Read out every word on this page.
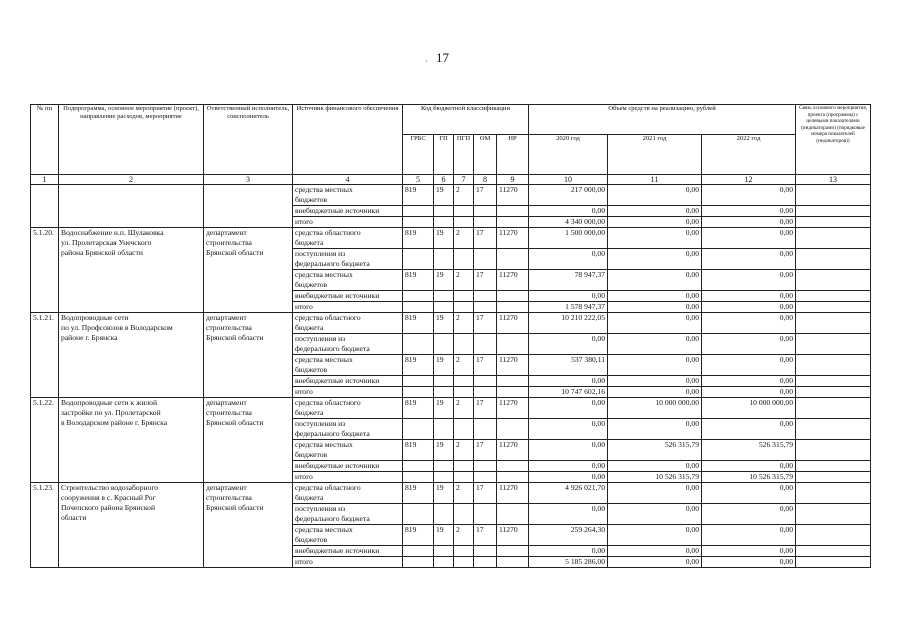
· 17
№ пп	Подпрограмма, основное мероприятие (проект), направление расходов, мероприятие	Ответственный исполнитель, соисполнитель	Источник финансового обеспечения	Код бюджетной классификации					Объем средств на реализацию, рублей			Связь основного мероприятия, проекта (программы) с целевыми показателями (индикаторами) (порядковые номера показателей (индикаторов))
				ГРБС	ГП	ПГП	ОМ	НР	2020 год	2021 год	2022 год	
1	2	3	4	5	6	7	8	9	10	11	12	13
			средства местных
бюджетов	819	19	2	17	11270	217 000,00	0,00	0,00	
			внебюджетные источники						0,00	0,00	0,00	
			итого						4 340 000,00	0,00	0,00	
5.1.20.	Водоснабжение н.п. Шулаковка
ул. Пролетарская Унечского
района Брянской области	департамент
строительства
Брянской области	средства областного
бюджета	819	19	2	17	11270	1 500 000,00	0,00	0,00	
			поступления из
федерального бюджета						0,00	0,00	0,00	
			средства местных
бюджетов	819	19	2	17	11270	78 947,37	0,00	0,00	
			внебюджетные источники						0,00	0,00	0,00	
			итого						1 578 947,37	0,00	0,00	
5.1.21.	Водопроводные сети
по ул. Профсоюзов в Володарском
районе г. Брянска	департамент
строительства
Брянской области	средства областного
бюджета	819	19	2	17	11270	10 210 222,05	0,00	0,00	
			поступления из
федерального бюджета						0,00	0,00	0,00	
			средства местных
бюджетов	819	19	2	17	11270	537 380,11	0,00	0,00	
			внебюджетные источники						0,00	0,00	0,00	
			итого						10 747 602,16	0,00	0,00	
5.1.22.	Водопроводные сети к жилой
застройке по ул. Пролетарской
в Володарском районе г. Брянска	департамент
строительства
Брянской области	средства областного
бюджета	819	19	2	17	11270	0,00	10 000 000,00	10 000 000,00	
			поступления из
федерального бюджета						0,00	0,00	0,00	
			средства местных
бюджетов	819	19	2	17	11270	0,00	526 315,79	526 315,79	
			внебюджетные источники						0,00	0,00	0,00	
			итого						0,00	10 526 315,79	10 526 315,79	
5.1.23.	Строительство водозаборного
сооружения в с. Красный Рог
Почепского района Брянской
области	департамент
строительства
Брянской области	средства областного
бюджета	819	19	2	17	11270	4 926 021,70	0,00	0,00	
			поступления из
федерального бюджета						0,00	0,00	0,00	
			средства местных
бюджетов	819	19	2	17	11270	259 264,30	0,00	0,00	
			внебюджетные источники						0,00	0,00	0,00	
			итого						5 185 286,00	0,00	0,00	
